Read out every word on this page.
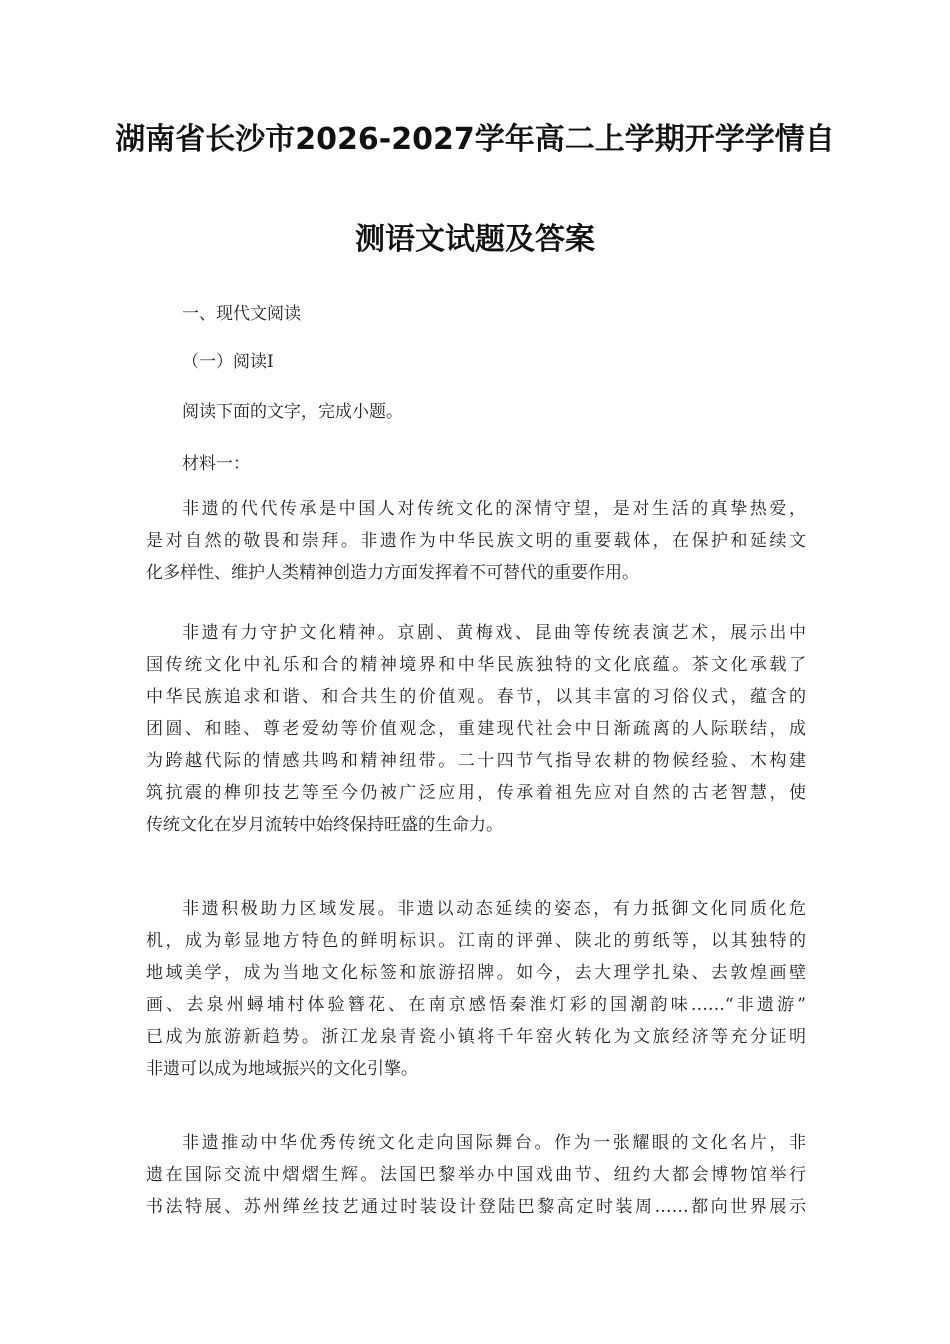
湖南省长沙市2026-2027学年高二上学期开学学情自
测语文试题及答案
一、现代文阅读
（一）阅读I
阅读下面的文字，完成小题。
材料一：
非遗的代代传承是中国人对传统文化的深情守望，是对生活的真挚热爱，
是对自然的敬畏和崇拜。非遗作为中华民族文明的重要载体，在保护和延续文
化多样性、维护人类精神创造力方面发挥着不可替代的重要作用。
非遗有力守护文化精神。京剧、黄梅戏、昆曲等传统表演艺术，展示出中
国传统文化中礼乐和合的精神境界和中华民族独特的文化底蕴。茶文化承载了
中华民族追求和谐、和合共生的价值观。春节，以其丰富的习俗仪式，蕴含的
团圆、和睦、尊老爱幼等价值观念，重建现代社会中日渐疏离的人际联结，成
为跨越代际的情感共鸣和精神纽带。二十四节气指导农耕的物候经验、木构建
筑抗震的榫卯技艺等至今仍被广泛应用，传承着祖先应对自然的古老智慧，使
传统文化在岁月流转中始终保持旺盛的生命力。
非遗积极助力区域发展。非遗以动态延续的姿态，有力抵御文化同质化危
机，成为彰显地方特色的鲜明标识。江南的评弹、陕北的剪纸等，以其独特的
地域美学，成为当地文化标签和旅游招牌。如今，去大理学扎染、去敦煌画壁
画、去泉州蟳埔村体验簪花、在南京感悟秦淮灯彩的国潮韵味……“非遗游”
已成为旅游新趋势。浙江龙泉青瓷小镇将千年窑火转化为文旅经济等充分证明
非遗可以成为地域振兴的文化引擎。
非遗推动中华优秀传统文化走向国际舞台。作为一张耀眼的文化名片，非
遗在国际交流中熠熠生辉。法国巴黎举办中国戏曲节、纽约大都会博物馆举行
书法特展、苏州缂丝技艺通过时装设计登陆巴黎高定时装周……都向世界展示
